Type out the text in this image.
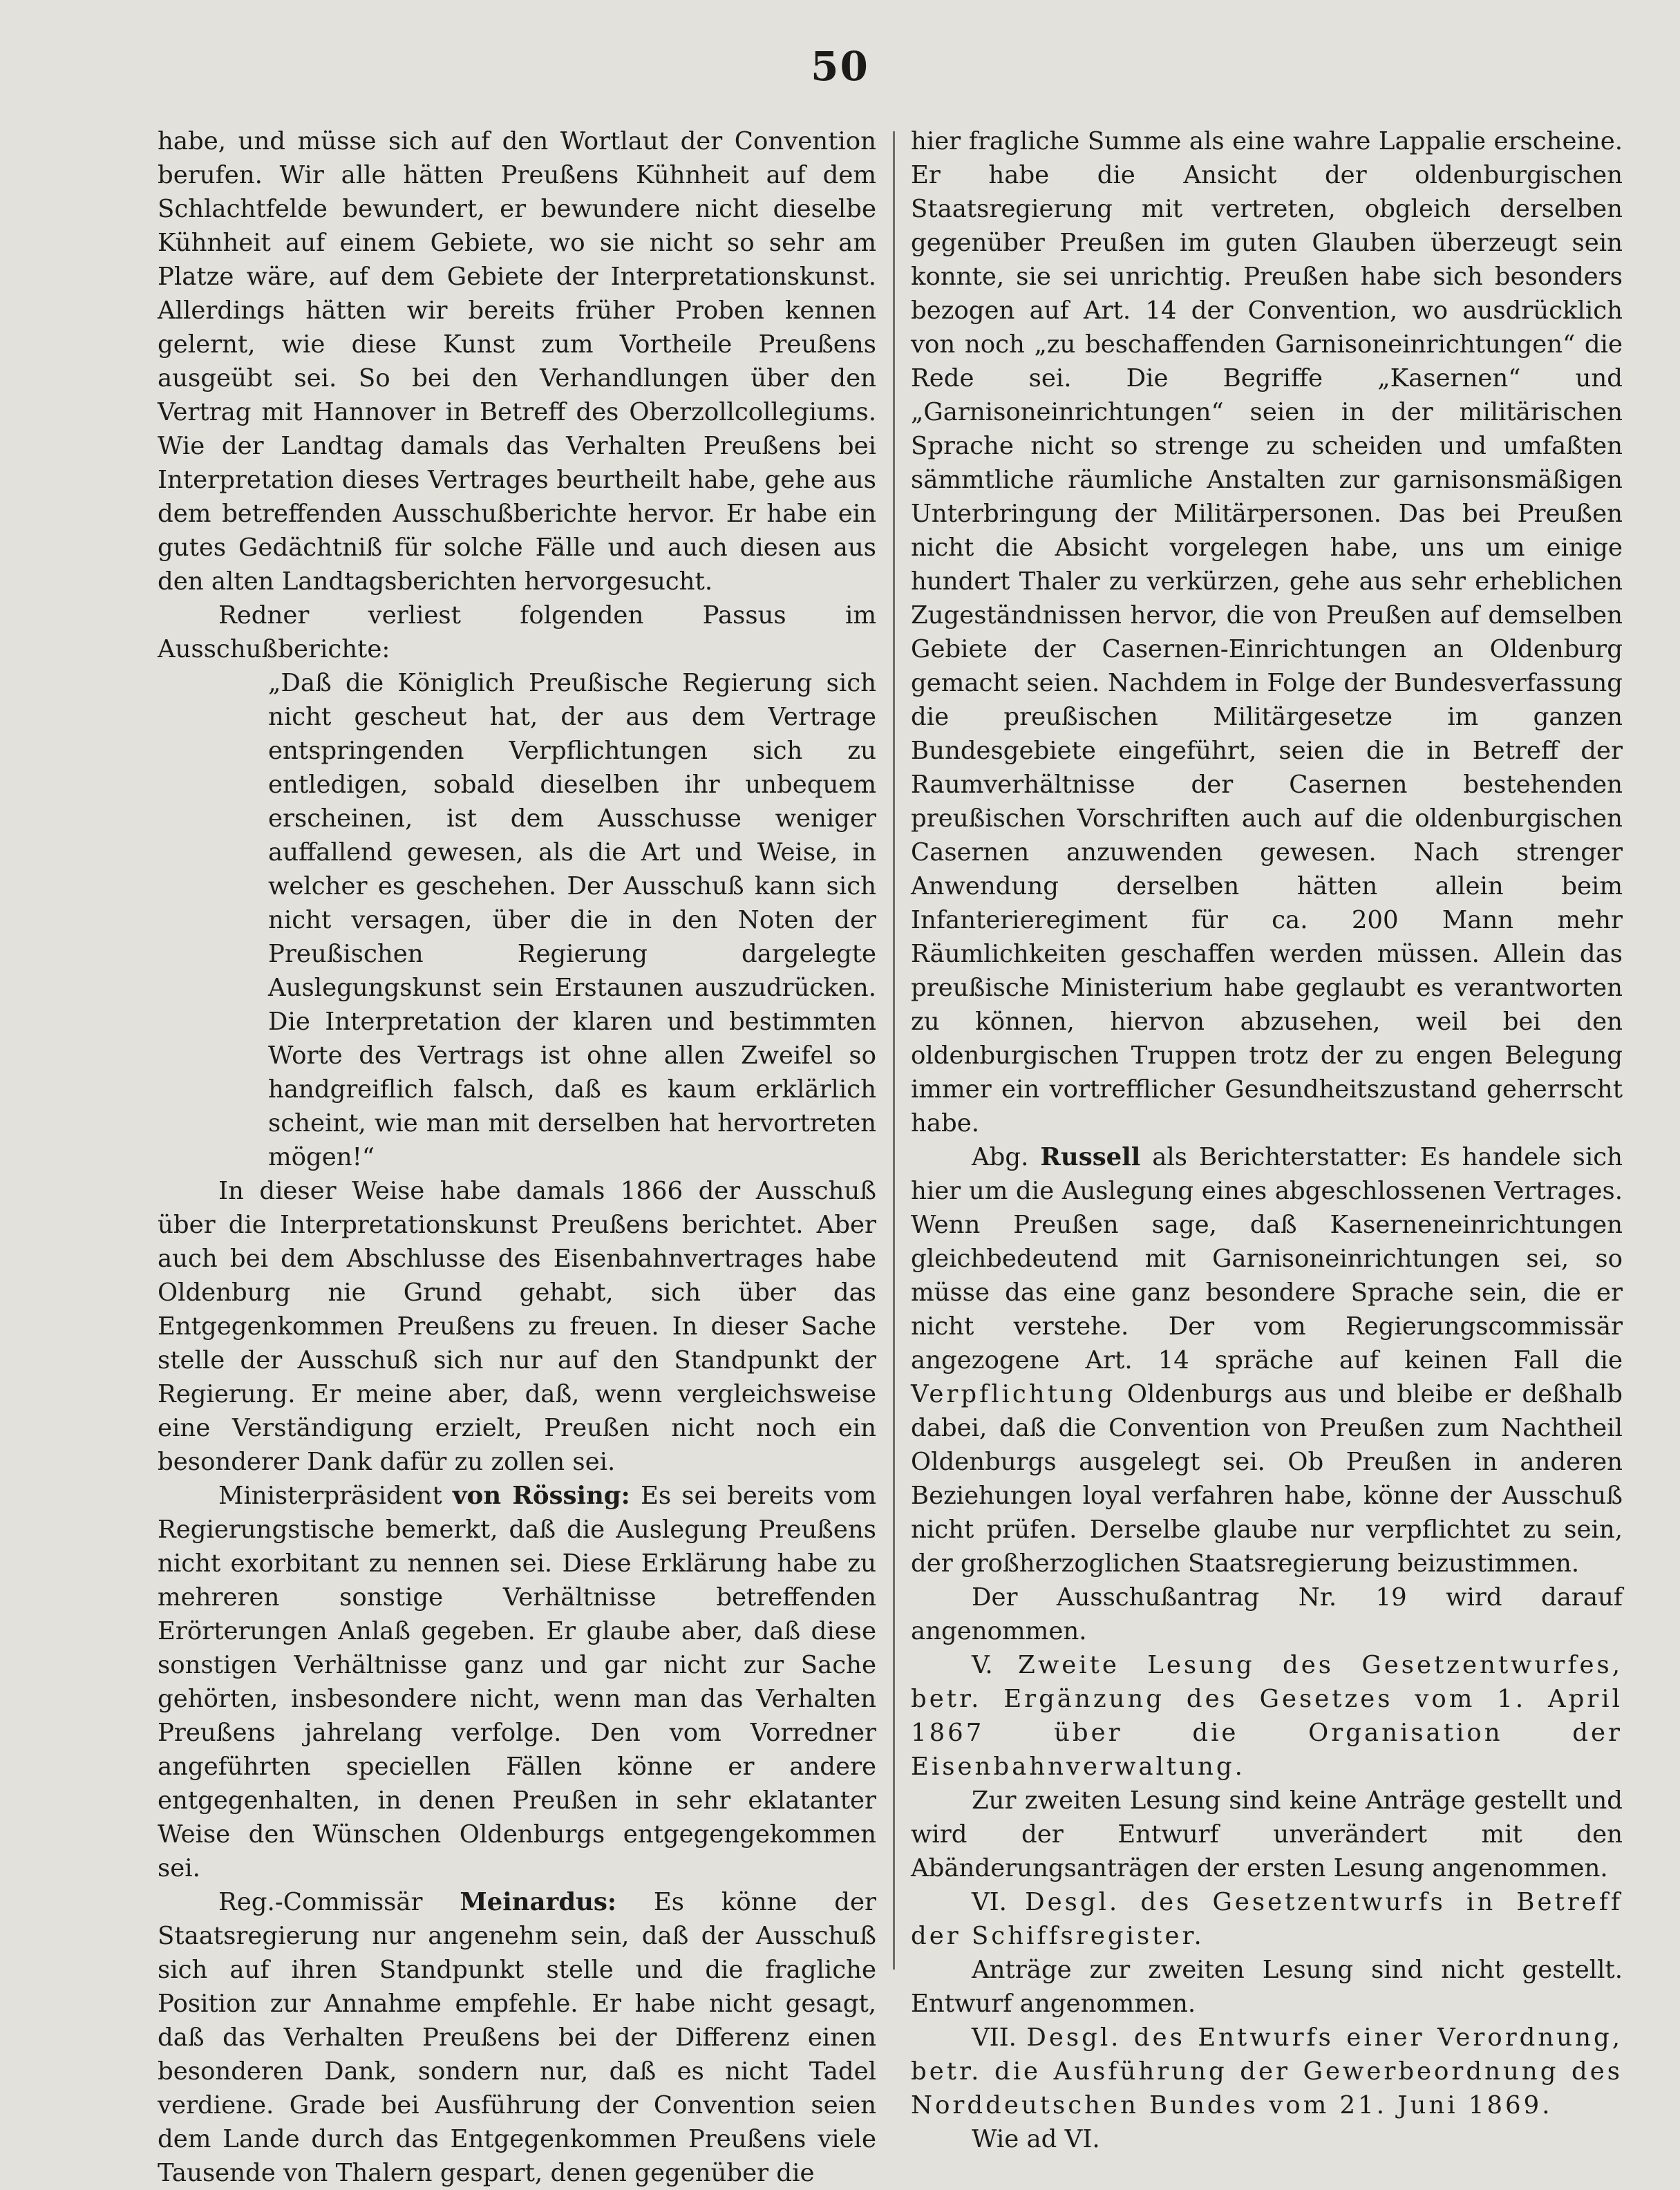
50

habe, und müsse sich auf den Wortlaut der Convention berufen. Wir alle hätten Preußens Kühnheit auf dem Schlachtfelde bewundert, er bewundere nicht dieselbe Kühnheit auf einem Gebiete, wo sie nicht so sehr am Platze wäre, auf dem Gebiete der Interpretationskunst. Allerdings hätten wir bereits früher Proben kennen gelernt, wie diese Kunst zum Vortheile Preußens ausgeübt sei. So bei den Verhandlungen über den Vertrag mit Hannover in Betreff des Oberzollcollegiums. Wie der Landtag damals das Verhalten Preußens bei Interpretation dieses Vertrages beurtheilt habe, gehe aus dem betreffenden Ausschußberichte hervor. Er habe ein gutes Gedächtniß für solche Fälle und auch diesen aus den alten Landtagsberichten hervorgesucht.

Redner verliest folgenden Passus im Ausschußberichte:

„Daß die Königlich Preußische Regierung sich nicht gescheut hat, der aus dem Vertrage entspringenden Verpflichtungen sich zu entledigen, sobald dieselben ihr unbequem erscheinen, ist dem Ausschusse weniger auffallend gewesen, als die Art und Weise, in welcher es geschehen. Der Ausschuß kann sich nicht versagen, über die in den Noten der Preußischen Regierung dargelegte Auslegungskunst sein Erstaunen auszudrücken. Die Interpretation der klaren und bestimmten Worte des Vertrags ist ohne allen Zweifel so handgreiflich falsch, daß es kaum erklärlich scheint, wie man mit derselben hat hervortreten mögen!“

In dieser Weise habe damals 1866 der Ausschuß über die Interpretationskunst Preußens berichtet. Aber auch bei dem Abschlusse des Eisenbahnvertrages habe Oldenburg nie Grund gehabt, sich über das Entgegenkommen Preußens zu freuen. In dieser Sache stelle der Ausschuß sich nur auf den Standpunkt der Regierung. Er meine aber, daß, wenn vergleichsweise eine Verständigung erzielt, Preußen nicht noch ein besonderer Dank dafür zu zollen sei.

Ministerpräsident von Rössing: Es sei bereits vom Regierungstische bemerkt, daß die Auslegung Preußens nicht exorbitant zu nennen sei. Diese Erklärung habe zu mehreren sonstige Verhältnisse betreffenden Erörterungen Anlaß gegeben. Er glaube aber, daß diese sonstigen Verhältnisse ganz und gar nicht zur Sache gehörten, insbesondere nicht, wenn man das Verhalten Preußens jahrelang verfolge. Den vom Vorredner angeführten speciellen Fällen könne er andere entgegenhalten, in denen Preußen in sehr eklatanter Weise den Wünschen Oldenburgs entgegengekommen sei.

Reg.-Commissär Meinardus: Es könne der Staatsregierung nur angenehm sein, daß der Ausschuß sich auf ihren Standpunkt stelle und die fragliche Position zur Annahme empfehle. Er habe nicht gesagt, daß das Verhalten Preußens bei der Differenz einen besonderen Dank, sondern nur, daß es nicht Tadel verdiene. Grade bei Ausführung der Convention seien dem Lande durch das Entgegenkommen Preußens viele Tausende von Thalern gespart, denen gegenüber die

hier fragliche Summe als eine wahre Lappalie erscheine. Er habe die Ansicht der oldenburgischen Staatsregierung mit vertreten, obgleich derselben gegenüber Preußen im guten Glauben überzeugt sein konnte, sie sei unrichtig. Preußen habe sich besonders bezogen auf Art. 14 der Convention, wo ausdrücklich von noch „zu beschaffenden Garnisoneinrichtungen“ die Rede sei. Die Begriffe „Kasernen“ und „Garnisoneinrichtungen“ seien in der militärischen Sprache nicht so strenge zu scheiden und umfaßten sämmtliche räumliche Anstalten zur garnisonsmäßigen Unterbringung der Militärpersonen. Das bei Preußen nicht die Absicht vorgelegen habe, uns um einige hundert Thaler zu verkürzen, gehe aus sehr erheblichen Zugeständnissen hervor, die von Preußen auf demselben Gebiete der Casernen-Einrichtungen an Oldenburg gemacht seien. Nachdem in Folge der Bundesverfassung die preußischen Militärgesetze im ganzen Bundesgebiete eingeführt, seien die in Betreff der Raumverhältnisse der Casernen bestehenden preußischen Vorschriften auch auf die oldenburgischen Casernen anzuwenden gewesen. Nach strenger Anwendung derselben hätten allein beim Infanterieregiment für ca. 200 Mann mehr Räumlichkeiten geschaffen werden müssen. Allein das preußische Ministerium habe geglaubt es verantworten zu können, hiervon abzusehen, weil bei den oldenburgischen Truppen trotz der zu engen Belegung immer ein vortrefflicher Gesundheitszustand geherrscht habe.

Abg. Russell als Berichterstatter: Es handele sich hier um die Auslegung eines abgeschlossenen Vertrages. Wenn Preußen sage, daß Kaserneneinrichtungen gleichbedeutend mit Garnisoneinrichtungen sei, so müsse das eine ganz besondere Sprache sein, die er nicht verstehe. Der vom Regierungscommissär angezogene Art. 14 spräche auf keinen Fall die Verpflichtung Oldenburgs aus und bleibe er deßhalb dabei, daß die Convention von Preußen zum Nachtheil Oldenburgs ausgelegt sei. Ob Preußen in anderen Beziehungen loyal verfahren habe, könne der Ausschuß nicht prüfen. Derselbe glaube nur verpflichtet zu sein, der großherzoglichen Staatsregierung beizustimmen.

Der Ausschußantrag Nr. 19 wird darauf angenommen.

V. Zweite Lesung des Gesetzentwurfes, betr. Ergänzung des Gesetzes vom 1. April 1867 über die Organisation der Eisenbahnverwaltung.

Zur zweiten Lesung sind keine Anträge gestellt und wird der Entwurf unverändert mit den Abänderungsanträgen der ersten Lesung angenommen.

VI. Desgl. des Gesetzentwurfs in Betreff der Schiffsregister.

Anträge zur zweiten Lesung sind nicht gestellt. Entwurf angenommen.

VII. Desgl. des Entwurfs einer Verordnung, betr. die Ausführung der Gewerbeordnung des Norddeutschen Bundes vom 21. Juni 1869.

Wie ad VI.
